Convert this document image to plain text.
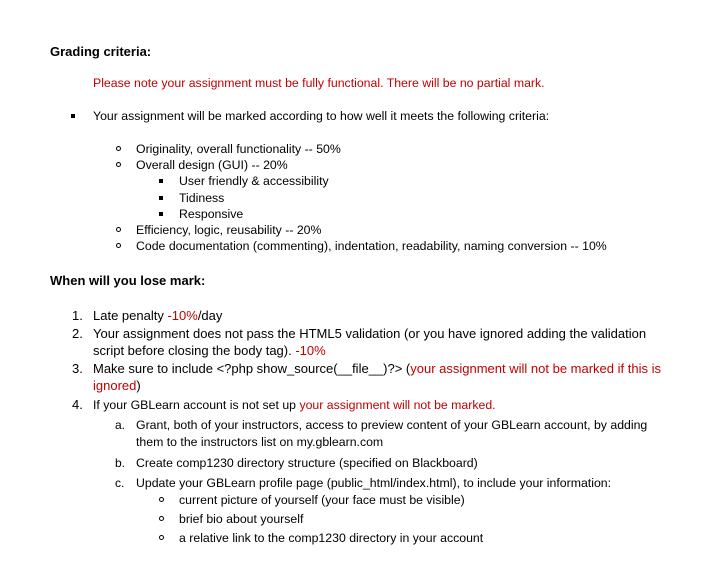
Grading criteria:
Please note your assignment must be fully functional. There will be no partial mark.
Your assignment will be marked according to how well it meets the following criteria:
Originality, overall functionality -- 50%
Overall design (GUI) -- 20%
User friendly & accessibility
Tidiness
Responsive
Efficiency, logic, reusability -- 20%
Code documentation (commenting), indentation, readability, naming conversion -- 10%
When will you lose mark:
1. Late penalty -10%/day
2. Your assignment does not pass the HTML5 validation (or you have ignored adding the validation
script before closing the body tag). -10%
3. Make sure to include <?php show_source(__file__)?> (your assignment will not be marked if this is
ignored)
4. If your GBLearn account is not set up your assignment will not be marked.
a. Grant, both of your instructors, access to preview content of your GBLearn account, by adding
them to the instructors list on my.gblearn.com
b. Create comp1230 directory structure (specified on Blackboard)
c. Update your GBLearn profile page (public_html/index.html), to include your information:
current picture of yourself (your face must be visible)
brief bio about yourself
a relative link to the comp1230 directory in your account
